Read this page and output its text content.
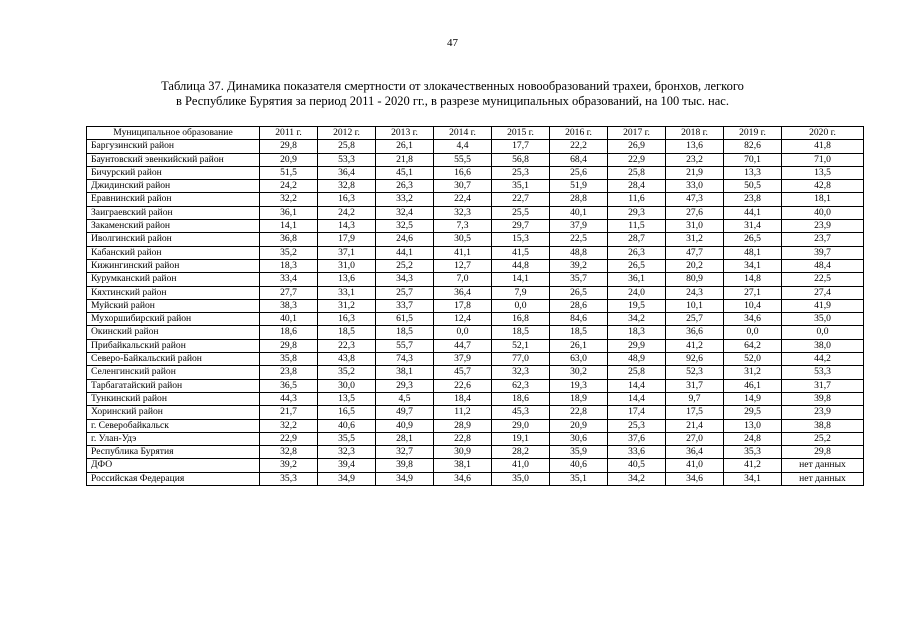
47
Таблица 37. Динамика показателя смертности от злокачественных новообразований трахеи, бронхов, легкого
в Республике Бурятия за период 2011 - 2020 гг., в разрезе муниципальных образований, на 100 тыс. нас.
Муниципальное образование	2011 г.	2012 г.	2013 г.	2014 г.	2015 г.	2016 г.	2017 г.	2018 г.	2019 г.	2020 г.
Баргузинский район	29,8	25,8	26,1	4,4	17,7	22,2	26,9	13,6	82,6	41,8
Баунтовский эвенкийский район	20,9	53,3	21,8	55,5	56,8	68,4	22,9	23,2	70,1	71,0
Бичурский район	51,5	36,4	45,1	16,6	25,3	25,6	25,8	21,9	13,3	13,5
Джидинский район	24,2	32,8	26,3	30,7	35,1	51,9	28,4	33,0	50,5	42,8
Еравнинский район	32,2	16,3	33,2	22,4	22,7	28,8	11,6	47,3	23,8	18,1
Заиграевский район	36,1	24,2	32,4	32,3	25,5	40,1	29,3	27,6	44,1	40,0
Закаменский район	14,1	14,3	32,5	7,3	29,7	37,9	11,5	31,0	31,4	23,9
Иволгинский район	36,8	17,9	24,6	30,5	15,3	22,5	28,7	31,2	26,5	23,7
Кабанский район	35,2	37,1	44,1	41,1	41,5	48,8	26,3	47,7	48,1	39,7
Кижингинский район	18,3	31,0	25,2	12,7	44,8	39,2	26,5	20,2	34,1	48,4
Курумканский район	33,4	13,6	34,3	7,0	14,1	35,7	36,1	80,9	14,8	22,5
Кяхтинский район	27,7	33,1	25,7	36,4	7,9	26,5	24,0	24,3	27,1	27,4
Муйский район	38,3	31,2	33,7	17,8	0,0	28,6	19,5	10,1	10,4	41,9
Мухоршибирский район	40,1	16,3	61,5	12,4	16,8	84,6	34,2	25,7	34,6	35,0
Окинский район	18,6	18,5	18,5	0,0	18,5	18,5	18,3	36,6	0,0	0,0
Прибайкальский район	29,8	22,3	55,7	44,7	52,1	26,1	29,9	41,2	64,2	38,0
Северо-Байкальский район	35,8	43,8	74,3	37,9	77,0	63,0	48,9	92,6	52,0	44,2
Селенгинский район	23,8	35,2	38,1	45,7	32,3	30,2	25,8	52,3	31,2	53,3
Тарбагатайский район	36,5	30,0	29,3	22,6	62,3	19,3	14,4	31,7	46,1	31,7
Тункинский район	44,3	13,5	4,5	18,4	18,6	18,9	14,4	9,7	14,9	39,8
Хоринский район	21,7	16,5	49,7	11,2	45,3	22,8	17,4	17,5	29,5	23,9
г. Северобайкальск	32,2	40,6	40,9	28,9	29,0	20,9	25,3	21,4	13,0	38,8
г. Улан-Удэ	22,9	35,5	28,1	22,8	19,1	30,6	37,6	27,0	24,8	25,2
Республика Бурятия	32,8	32,3	32,7	30,9	28,2	35,9	33,6	36,4	35,3	29,8
ДФО	39,2	39,4	39,8	38,1	41,0	40,6	40,5	41,0	41,2	нет данных
Российская Федерация	35,3	34,9	34,9	34,6	35,0	35,1	34,2	34,6	34,1	нет данных
